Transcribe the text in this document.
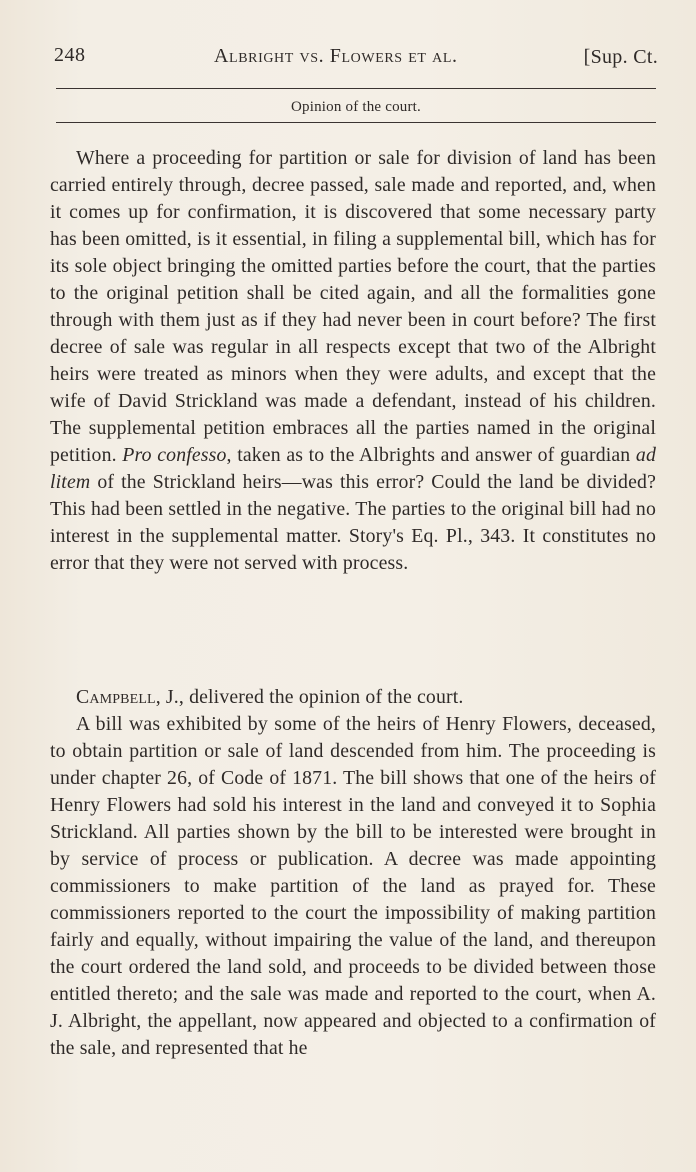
248	Albright vs. Flowers et al.	[Sup. Ct.
Opinion of the court.

Where a proceeding for partition or sale for division of land has been carried entirely through, decree passed, sale made and reported, and, when it comes up for confirmation, it is discovered that some necessary party has been omitted, is it essential, in filing a supplemental bill, which has for its sole object bringing the omitted parties before the court, that the parties to the original petition shall be cited again, and all the formalities gone through with them just as if they had never been in court before? The first decree of sale was regular in all respects except that two of the Albright heirs were treated as minors when they were adults, and except that the wife of David Strickland was made a defendant, instead of his children. The supplemental petition embraces all the parties named in the original petition. Pro confesso, taken as to the Albrights and answer of guardian ad litem of the Strickland heirs—was this error? Could the land be divided? This had been settled in the negative. The parties to the original bill had no interest in the supplemental matter. Story's Eq. Pl., 343. It constitutes no error that they were not served with process.

Campbell, J., delivered the opinion of the court.

A bill was exhibited by some of the heirs of Henry Flowers, deceased, to obtain partition or sale of land descended from him. The proceeding is under chapter 26, of Code of 1871. The bill shows that one of the heirs of Henry Flowers had sold his interest in the land and conveyed it to Sophia Strickland. All parties shown by the bill to be interested were brought in by service of process or publication. A decree was made appointing commissioners to make partition of the land as prayed for. These commissioners reported to the court the impossibility of making partition fairly and equally, without impairing the value of the land, and thereupon the court ordered the land sold, and proceeds to be divided between those entitled thereto; and the sale was made and reported to the court, when A. J. Albright, the appellant, now appeared and objected to a confirmation of the sale, and represented that he
